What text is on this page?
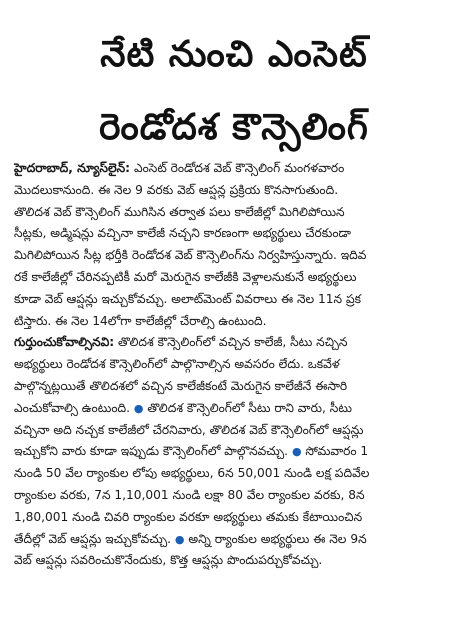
నేటి నుంచి ఎంసెట్
రెండోదశ కౌన్సెలింగ్
హైదరాబాద్, న్యూస్‌లైన్: ఎంసెట్ రెండోదశ వెబ్ కౌన్సెలింగ్ మంగళవారం
మొదలుకానుంది. ఈ నెల 9 వరకు వెబ్ ఆప్షన్ల ప్రక్రియ కొనసాగుతుంది.
తొలిదశ వెబ్ కౌన్సెలింగ్ ముగిసిన తర్వాత పలు కాలేజీల్లో మిగిలిపోయిన
సీట్లకు, అడ్మిషన్లు వచ్చినా కాలేజీ నచ్చని కారణంగా అభ్యర్థులు చేరకుండా
మిగిలిపోయిన సీట్ల భర్తీకి రెండోదశ వెబ్ కౌన్సెలింగ్‌ను నిర్వహిస్తున్నారు. ఇదివ
రకే కాలేజీల్లో చేరినప్పటికీ మరో మెరుగైన కాలేజీకి వెళ్లాలనుకునే అభ్యర్థులు
కూడా వెబ్ ఆప్షన్లు ఇచ్చుకోవచ్చు. అలాట్‌మెంట్ వివరాలు ఈ నెల 11న ప్రక
టిస్తారు. ఈ నెల 14లోగా కాలేజీల్లో చేరాల్సి ఉంటుంది.
గుర్తుంచుకోవాల్సినవి: తొలిదశ కౌన్సెలింగ్‌లో వచ్చిన కాలేజీ, సీటు నచ్చిన
అభ్యర్థులు రెండోదశ కౌన్సెలింగ్‌లో పాల్గొనాల్సిన అవసరం లేదు. ఒకవేళ
పాల్గొన్నట్లయితే తొలిదశలో వచ్చిన కాలేజీకంటే మెరుగైన కాలేజీనే ఈసారి
ఎంచుకోవాల్సి ఉంటుంది. ● తొలిదశ కౌన్సెలింగ్‌లో సీటు రాని వారు, సీటు
వచ్చినా అది నచ్చక కాలేజీలో చేరనివారు, తొలిదశ వెబ్ కౌన్సెలింగ్‌లో ఆప్షన్లు
ఇచ్చుకోని వారు కూడా ఇప్పుడు కౌన్సెలింగ్‌లో పాల్గొనవచ్చు. ● సోమవారం 1
నుండి 50 వేల ర్యాంకుల లోపు అభ్యర్థులు, 6న 50,001 నుండి లక్ష పదివేల
ర్యాంకుల వరకు, 7న 1,10,001 నుండి లక్షా 80 వేల ర్యాంకుల వరకు, 8న
1,80,001 నుండి చివరి ర్యాంకుల వరకూ అభ్యర్థులు తమకు కేటాయించిన
తేదీల్లో వెబ్ ఆప్షన్లు ఇచ్చుకోవచ్చు. ● అన్ని ర్యాంకుల అభ్యర్థులు ఈ నెల 9న
వెబ్ ఆప్షన్లు సవరించుకొనేందుకు, కొత్త ఆప్షన్లు పొందుపర్చుకోవచ్చు.
